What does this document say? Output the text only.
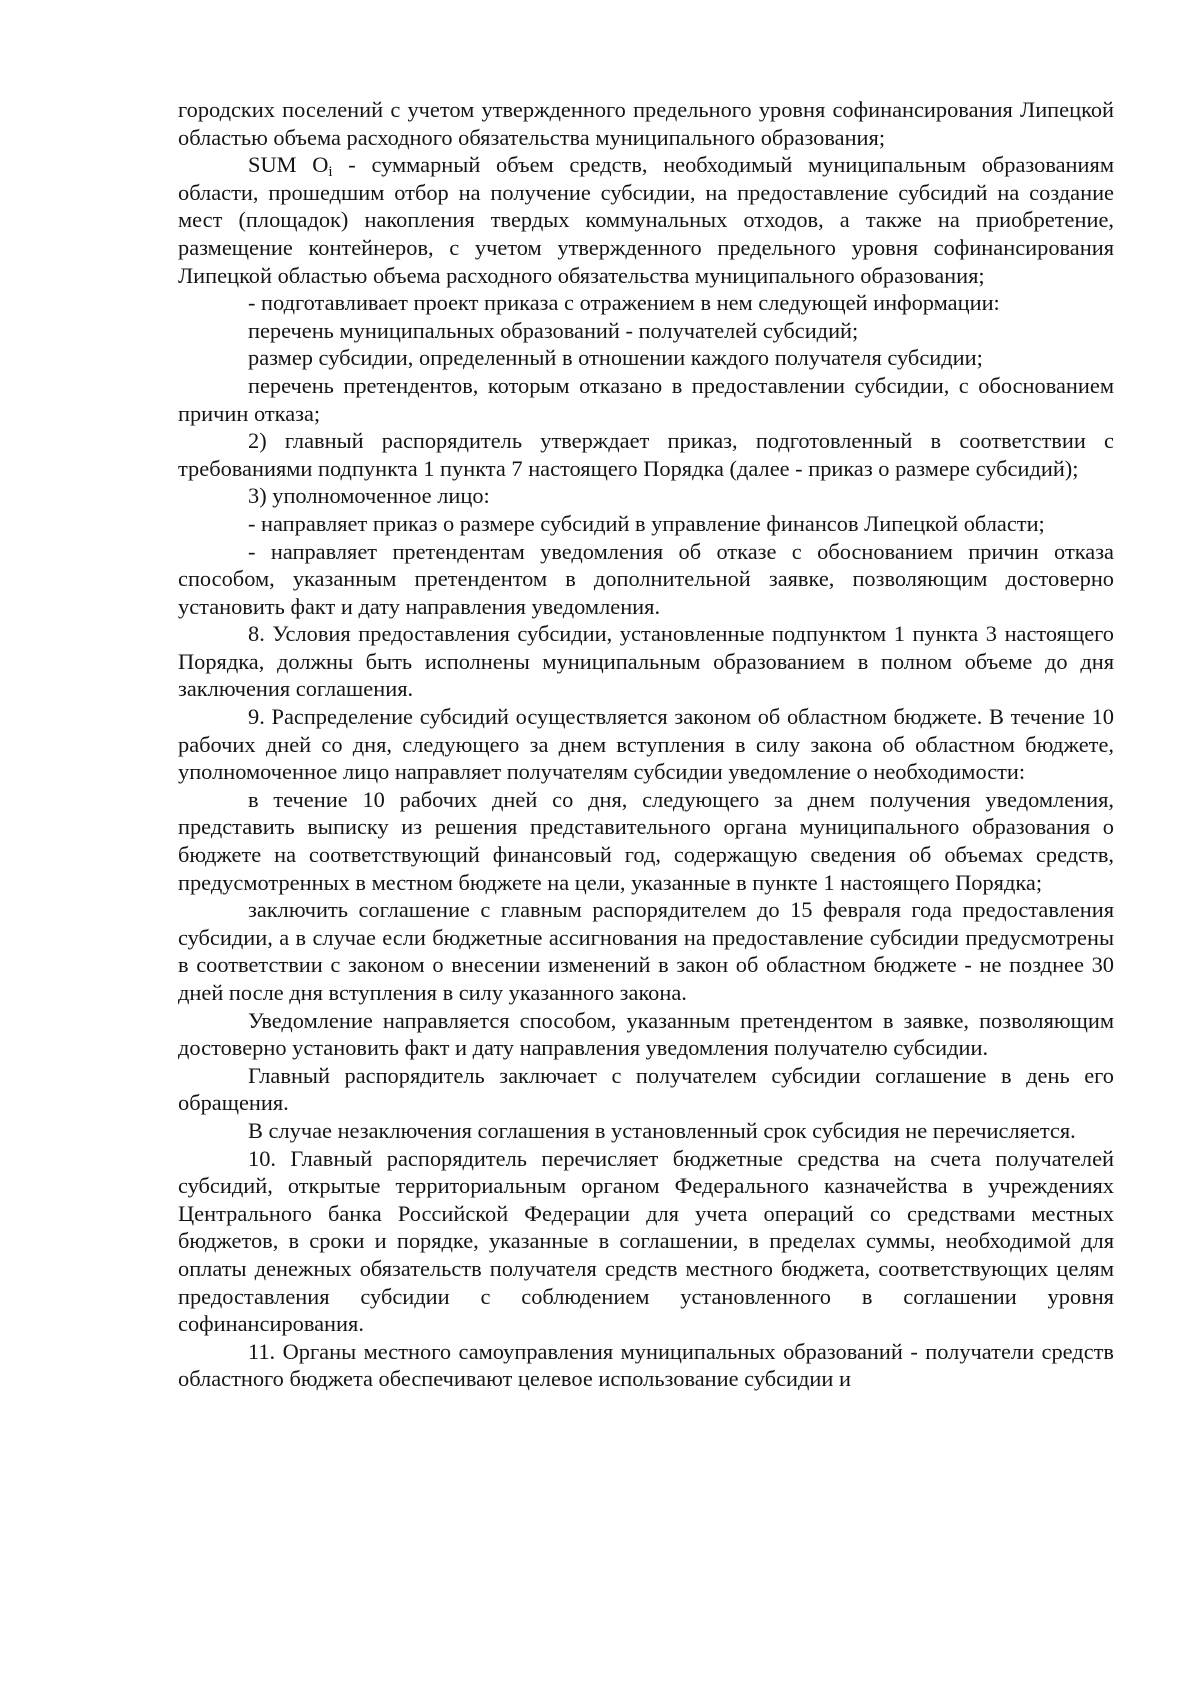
городских поселений с учетом утвержденного предельного уровня софинансирования Липецкой областью объема расходного обязательства муниципального образования;

SUM $O_i$ - суммарный объем средств, необходимый муниципальным образованиям области, прошедшим отбор на получение субсидии, на предоставление субсидий на создание мест (площадок) накопления твердых коммунальных отходов, а также на приобретение, размещение контейнеров, с учетом утвержденного предельного уровня софинансирования Липецкой областью объема расходного обязательства муниципального образования;

- подготавливает проект приказа с отражением в нем следующей информации:

перечень муниципальных образований - получателей субсидий;

размер субсидии, определенный в отношении каждого получателя субсидии;

перечень претендентов, которым отказано в предоставлении субсидии, с обоснованием причин отказа;

2) главный распорядитель утверждает приказ, подготовленный в соответствии с требованиями подпункта 1 пункта 7 настоящего Порядка (далее - приказ о размере субсидий);

3) уполномоченное лицо:

- направляет приказ о размере субсидий в управление финансов Липецкой области;

- направляет претендентам уведомления об отказе с обоснованием причин отказа способом, указанным претендентом в дополнительной заявке, позволяющим достоверно установить факт и дату направления уведомления.

8. Условия предоставления субсидии, установленные подпунктом 1 пункта 3 настоящего Порядка, должны быть исполнены муниципальным образованием в полном объеме до дня заключения соглашения.

9. Распределение субсидий осуществляется законом об областном бюджете. В течение 10 рабочих дней со дня, следующего за днем вступления в силу закона об областном бюджете, уполномоченное лицо направляет получателям субсидии уведомление о необходимости:

в течение 10 рабочих дней со дня, следующего за днем получения уведомления, представить выписку из решения представительного органа муниципального образования о бюджете на соответствующий финансовый год, содержащую сведения об объемах средств, предусмотренных в местном бюджете на цели, указанные в пункте 1 настоящего Порядка;

заключить соглашение с главным распорядителем до 15 февраля года предоставления субсидии, а в случае если бюджетные ассигнования на предоставление субсидии предусмотрены в соответствии с законом о внесении изменений в закон об областном бюджете - не позднее 30 дней после дня вступления в силу указанного закона.

Уведомление направляется способом, указанным претендентом в заявке, позволяющим достоверно установить факт и дату направления уведомления получателю субсидии.

Главный распорядитель заключает с получателем субсидии соглашение в день его обращения.

В случае незаключения соглашения в установленный срок субсидия не перечисляется.

10. Главный распорядитель перечисляет бюджетные средства на счета получателей субсидий, открытые территориальным органом Федерального казначейства в учреждениях Центрального банка Российской Федерации для учета операций со средствами местных бюджетов, в сроки и порядке, указанные в соглашении, в пределах суммы, необходимой для оплаты денежных обязательств получателя средств местного бюджета, соответствующих целям предоставления субсидии с соблюдением установленного в соглашении уровня софинансирования.

11. Органы местного самоуправления муниципальных образований - получатели средств областного бюджета обеспечивают целевое использование субсидии и
